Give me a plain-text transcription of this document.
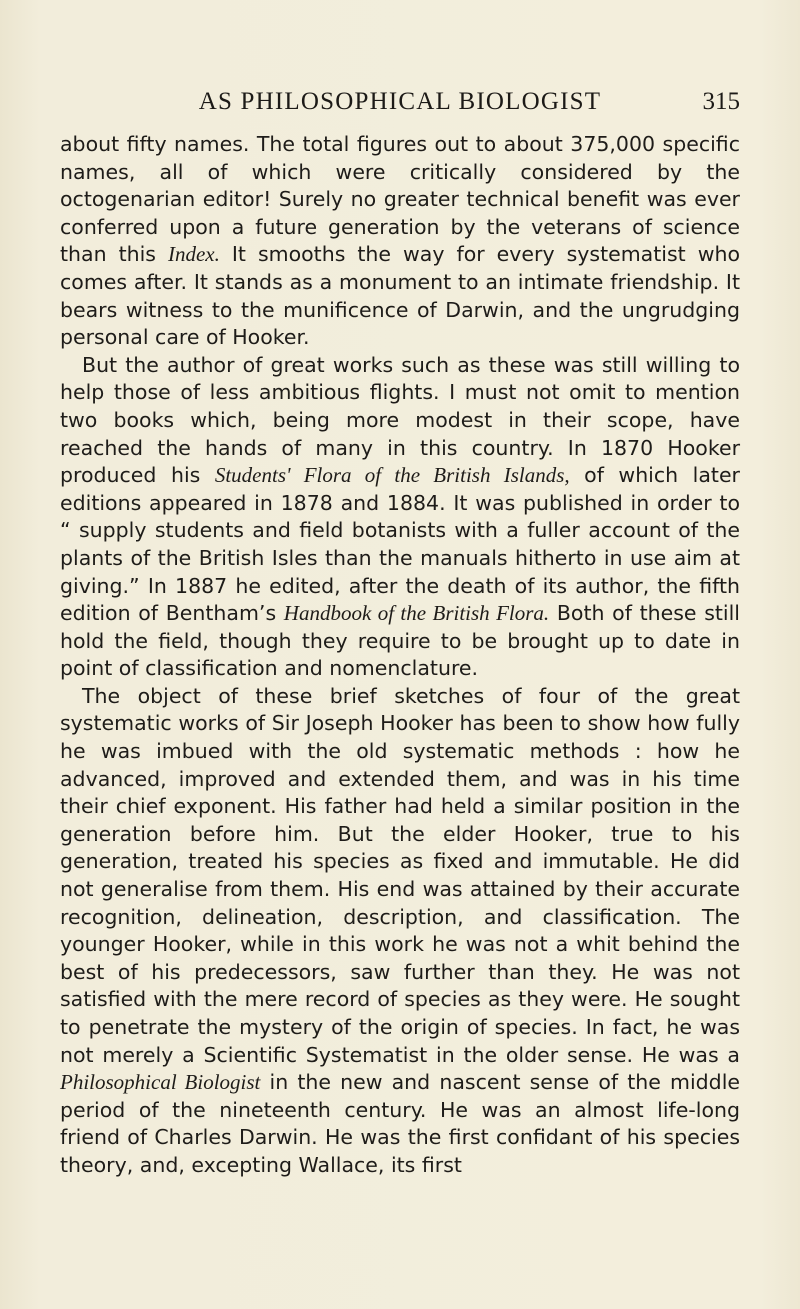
AS PHILOSOPHICAL BIOLOGIST	315

about fifty names. The total figures out to about 375,000 specific names, all of which were critically considered by the octogenarian editor! Surely no greater technical benefit was ever conferred upon a future generation by the veterans of science than this Index. It smooths the way for every systematist who comes after. It stands as a monument to an intimate friendship. It bears witness to the munificence of Darwin, and the ungrudging personal care of Hooker.

But the author of great works such as these was still willing to help those of less ambitious flights. I must not omit to mention two books which, being more modest in their scope, have reached the hands of many in this country. In 1870 Hooker produced his Students' Flora of the British Islands, of which later editions appeared in 1878 and 1884. It was published in order to “ supply students and field botanists with a fuller account of the plants of the British Isles than the manuals hitherto in use aim at giving.” In 1887 he edited, after the death of its author, the fifth edition of Bentham’s Handbook of the British Flora. Both of these still hold the field, though they require to be brought up to date in point of classification and nomenclature.

The object of these brief sketches of four of the great systematic works of Sir Joseph Hooker has been to show how fully he was imbued with the old systematic methods : how he advanced, improved and extended them, and was in his time their chief exponent. His father had held a similar position in the generation before him. But the elder Hooker, true to his generation, treated his species as fixed and immutable. He did not generalise from them. His end was attained by their accurate recognition, delineation, description, and classification. The younger Hooker, while in this work he was not a whit behind the best of his predecessors, saw further than they. He was not satisfied with the mere record of species as they were. He sought to penetrate the mystery of the origin of species. In fact, he was not merely a Scientific Systematist in the older sense. He was a Philosophical Biologist in the new and nascent sense of the middle period of the nineteenth century. He was an almost life-long friend of Charles Darwin. He was the first confidant of his species theory, and, excepting Wallace, its first
